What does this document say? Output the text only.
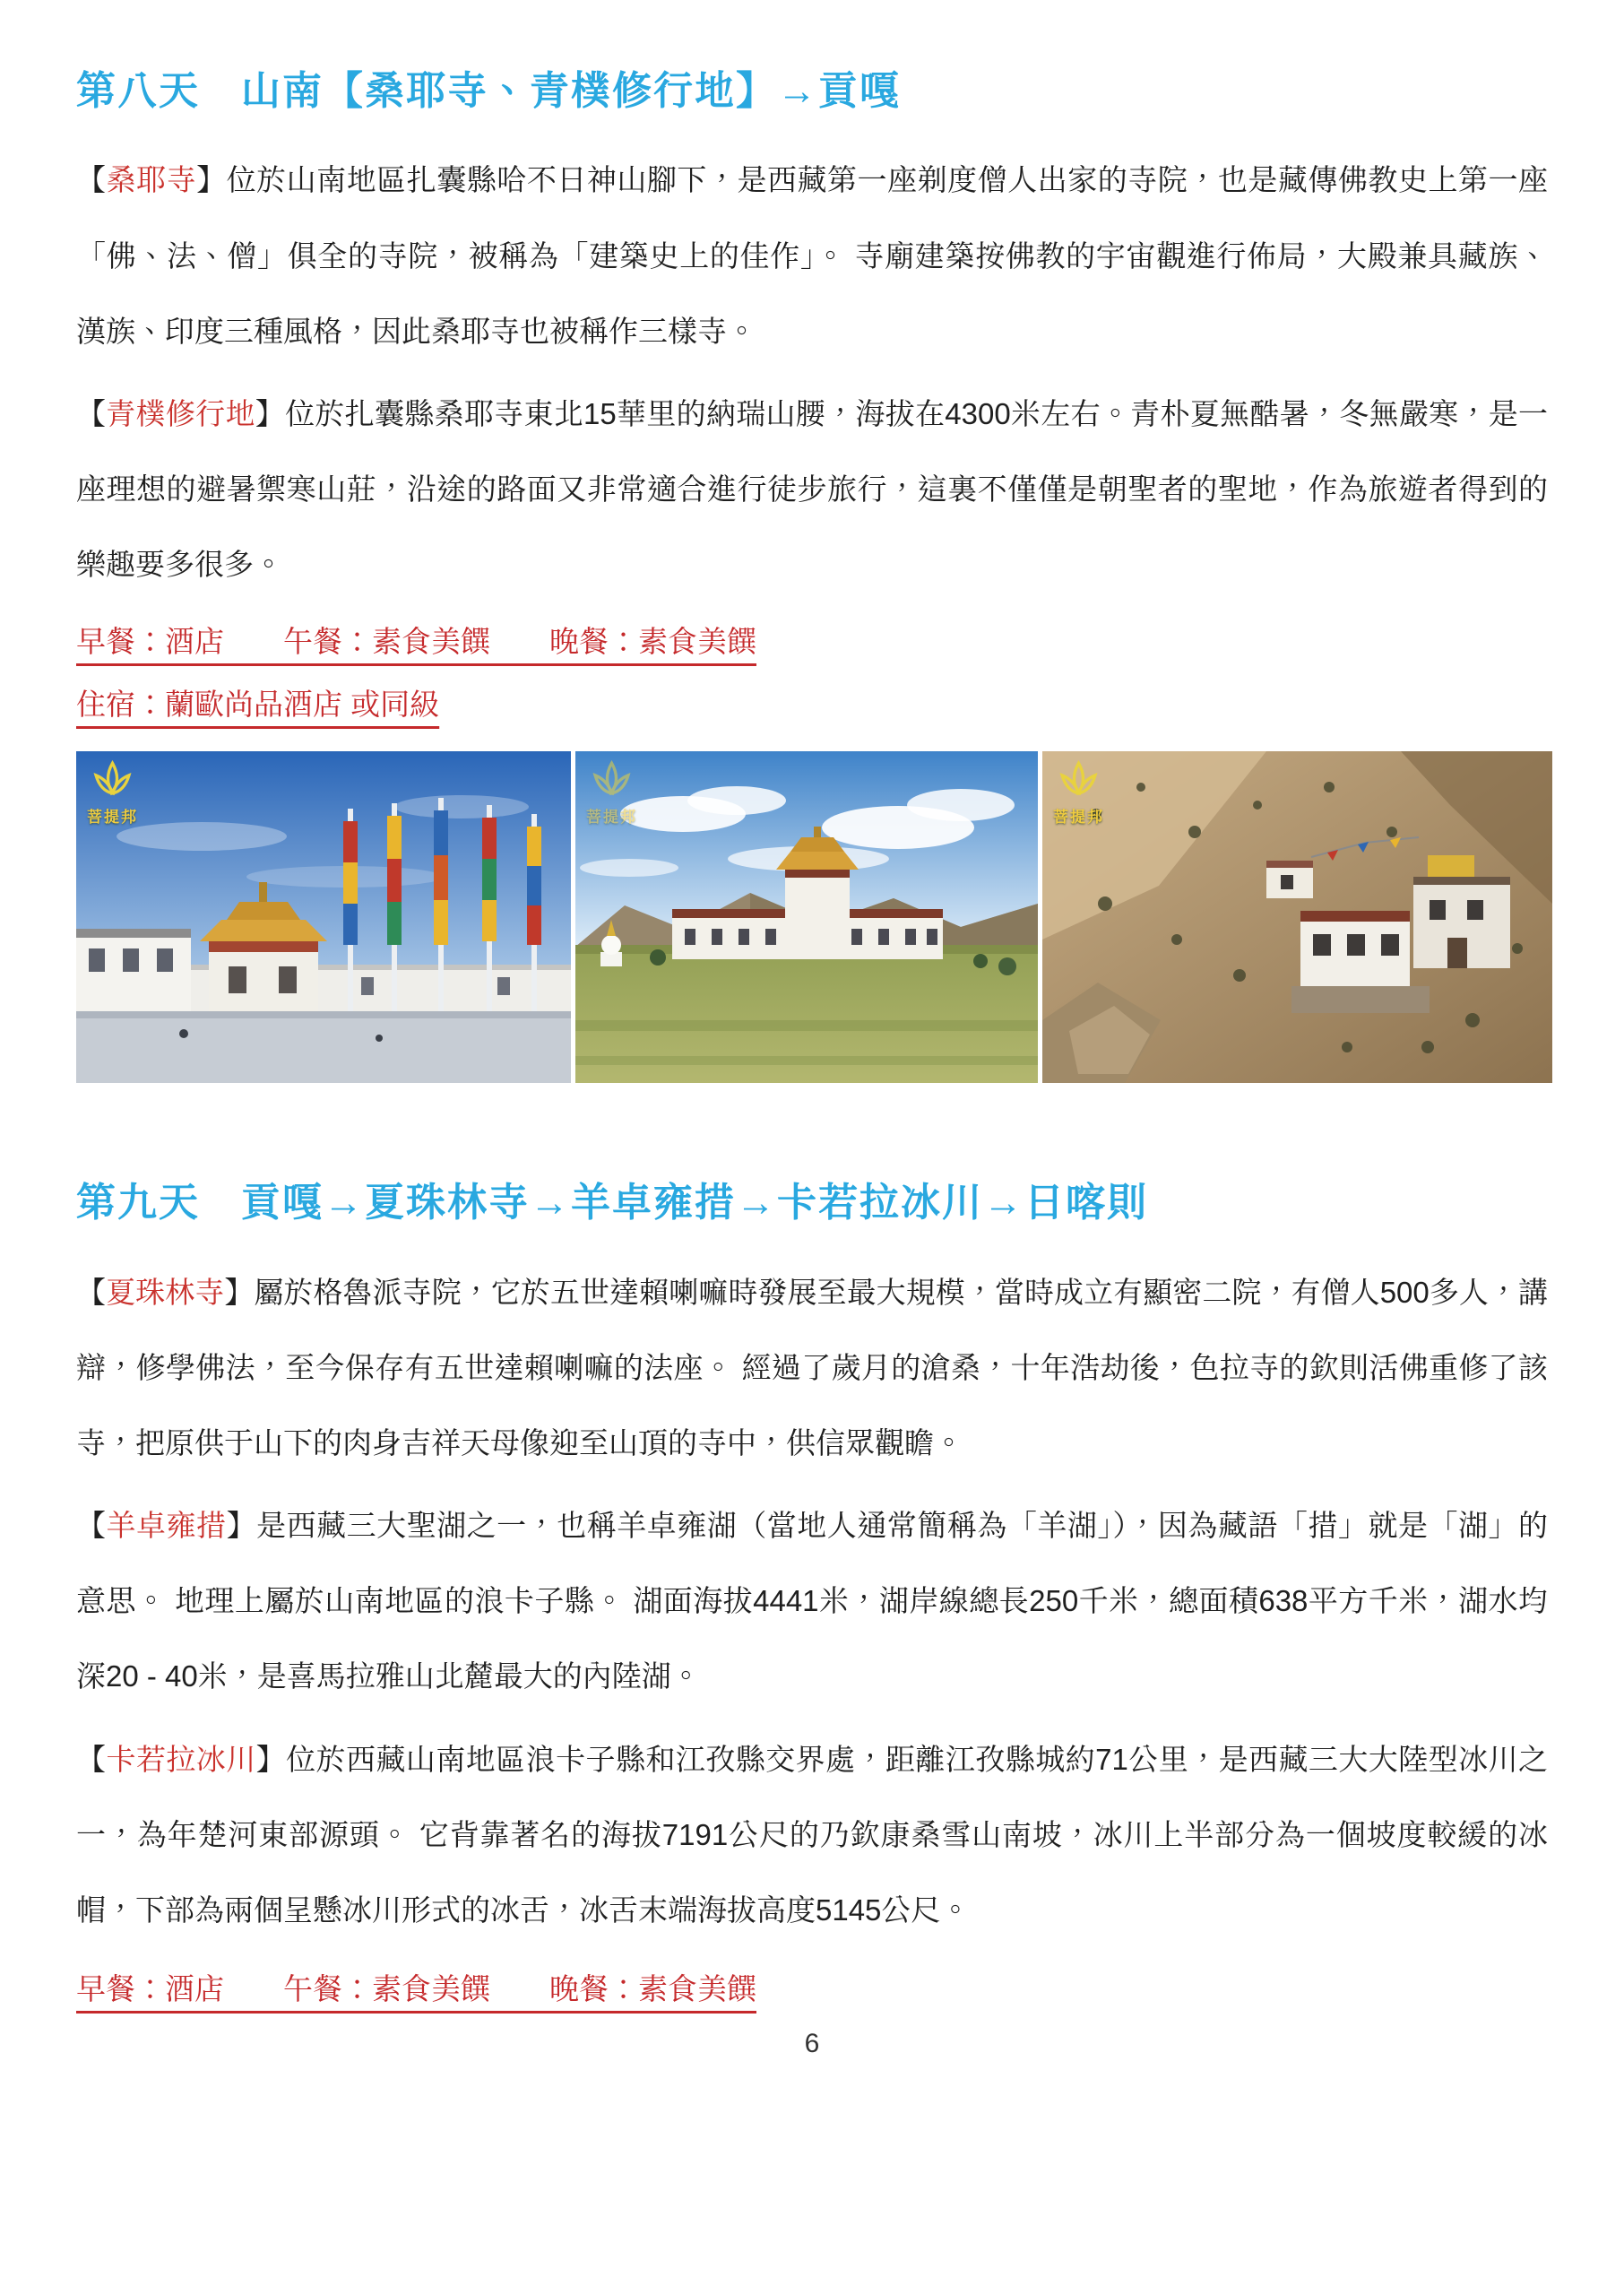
第八天　山南【桑耶寺、青樸修行地】→貢嘎

【桑耶寺】位於山南地區扎囊縣哈不日神山腳下，是西藏第一座剃度僧人出家的寺院，也是藏傳佛教史上第一座「佛、法、僧」俱全的寺院，被稱為「建築史上的佳作」。 寺廟建築按佛教的宇宙觀進行佈局，大殿兼具藏族、漢族、印度三種風格，因此桑耶寺也被稱作三樣寺。

【青樸修行地】位於扎囊縣桑耶寺東北15華里的納瑞山腰，海拔在4300米左右。青朴夏無酷暑，冬無嚴寒，是一座理想的避暑禦寒山莊，沿途的路面又非常適合進行徒步旅行，這裏不僅僅是朝聖者的聖地，作為旅遊者得到的樂趣要多很多。

早餐：酒店　　午餐：素食美饌　　晚餐：素食美饌

住宿：蘭歐尚品酒店 或同級

菩提邦	菩提邦	菩提邦
第九天　貢嘎→夏珠林寺→羊卓雍措→卡若拉冰川→日喀則

【夏珠林寺】屬於格魯派寺院，它於五世達賴喇嘛時發展至最大規模，當時成立有顯密二院，有僧人500多人，講辯，修學佛法，至今保存有五世達賴喇嘛的法座。 經過了歲月的滄桑，十年浩劫後，色拉寺的欽則活佛重修了該寺，把原供于山下的肉身吉祥天母像迎至山頂的寺中，供信眾觀瞻。

【羊卓雍措】是西藏三大聖湖之一，也稱羊卓雍湖（當地人通常簡稱為「羊湖」），因為藏語「措」就是「湖」的意思。 地理上屬於山南地區的浪卡子縣。 湖面海拔4441米，湖岸線總長250千米，總面積638平方千米，湖水均深20 - 40米，是喜馬拉雅山北麓最大的內陸湖。

【卡若拉冰川】位於西藏山南地區浪卡子縣和江孜縣交界處，距離江孜縣城約71公里，是西藏三大大陸型冰川之一，為年楚河東部源頭。 它背靠著名的海拔7191公尺的乃欽康桑雪山南坡，冰川上半部分為一個坡度較緩的冰帽，下部為兩個呈懸冰川形式的冰舌，冰舌末端海拔高度5145公尺。

早餐：酒店　　午餐：素食美饌　　晚餐：素食美饌

6
